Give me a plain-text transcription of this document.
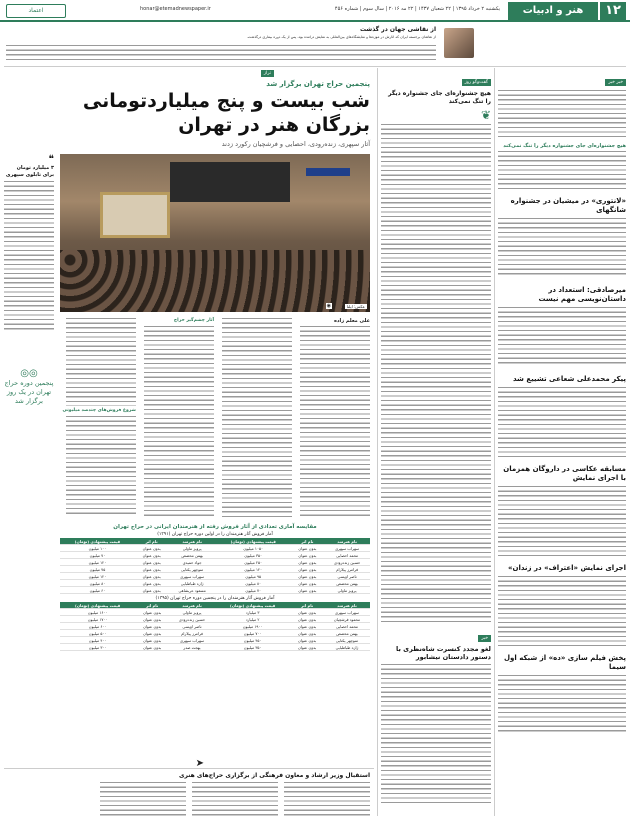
۱۲
هنر و ادبیات
یکشنبه ۲ خرداد ۱۳۹۵ | ۲۲ شعبان ۱۴۳۷ | ۲۲ مه ۲۰۱۶ | سال سوم | شماره ۴۵۶
honar@etemadnewspaper.ir
اعتماد
از نقاشی جهان در گذشت
از نقاشان برجسته ایران که آثارش در موزه‌ها و نمایشگاه‌های بین‌المللی به نمایش درآمده بود، پس از یک دوره بیماری درگذشت.
خبر خبر
هیچ جشنواره‌ای جای جشنواره دیگر را تنگ نمی‌کند
«لانتوری» در میشیان در جشنواره شانگهای
میرصادقی: استعداد در داستان‌نویسی مهم نیست
پیکر محمدعلی شعاعی تشییع شد
مسابقه عکاسی در داروگان همزمان با اجرای نمایش
اجرای نمایش «اعتراف» در زندان»
پخش فیلم سازی «ده» از شبکه اول سیما
گفت‌وگو روز
هیچ جشنواره‌ای جای جشنواره دیگر را تنگ نمی‌کند
❦
خبر
لغو مجدد کنسرت شاه‌نظری با دستور دادستان نیشابور
تراز
پنجمین حراج تهران برگزار شد
شب بیست و پنج میلیاردتومانی
بزرگان هنر در تهران
آثار سپهری، زنده‌رودی، احصایی و فرشچیان رکورد زدند
❝
۳ میلیارد تومان برای تابلوی سپهری
عکس: ایلنا
◉
علی معلم زاده
آثار چشم‌گیر حراج
شروع فروش‌های چندصد میلیونی
مقایسه آماری تعدادی از آثار فروش رفته از هنرمندان ایرانی در حراج تهران
آمار فروش آثار هنرمندان را در اولین دوره حراج تهران (۱۳۹۱)
نام هنرمند	نام اثر	قیمت پیشنهادی (تومان)	نام هنرمند	نام اثر	قیمت پیشنهادی (تومان)
سهراب سپهری	بدون عنوان	۱۰۵۰ میلیون	پرویز تناولی	بدون عنوان	۱۰۰ میلیون
محمد احصایی	بدون عنوان	۳۵۰ میلیون	بهمن محصص	بدون عنوان	۷۰ میلیون
حسین زنده‌رودی	بدون عنوان	۲۵۰ میلیون	جواد حمیدی	بدون عنوان	۱۲۰ میلیون
فرامرز پیلارام	بدون عنوان	۱۲۰ میلیون	منوچهر یکتایی	بدون عنوان	۷۵ میلیون
ناصر اویسی	بدون عنوان	۹۵ میلیون	سهراب سپهری	بدون عنوان	۱۲۰ میلیون
بهمن محصص	بدون عنوان	۸۰ میلیون	ژازه طباطبایی	بدون عنوان	۸۰ میلیون
پرویز تناولی	بدون عنوان	۷۰ میلیون	مسعود عربشاهی	بدون عنوان	۶۰ میلیون
آمار فروش آثار هنرمندان را در پنجمین دوره حراج تهران (۱۳۹۵)
نام هنرمند	نام اثر	قیمت پیشنهادی (تومان)	نام هنرمند	نام اثر	قیمت پیشنهادی (تومان)
سهراب سپهری	بدون عنوان	۳ میلیارد	پرویز تناولی	بدون عنوان	۱۶۰۰ میلیون
محمود فرشچیان	بدون عنوان	۲ میلیارد	حسین زنده‌رودی	بدون عنوان	۱۷۰۰ میلیون
محمد احصایی	بدون عنوان	۱۹۰۰ میلیون	ناصر اویسی	بدون عنوان	۶۰۰ میلیون
بهمن محصص	بدون عنوان	۷۰۰ میلیون	فرامرز پیلارام	بدون عنوان	۵۰۰ میلیون
منوچهر یکتایی	بدون عنوان	۴۵۰ میلیون	سهراب سپهری	بدون عنوان	۴۰۰ میلیون
ژازه طباطبایی	بدون عنوان	۳۵۰ میلیون	بهجت صدر	بدون عنوان	۳۰۰ میلیون
◎◎
پنجمین دوره حراج تهران در یک روز برگزار شد
➤
استقبال وزیر ارشاد و معاون فرهنگی از برگزاری حراج‌های هنری
